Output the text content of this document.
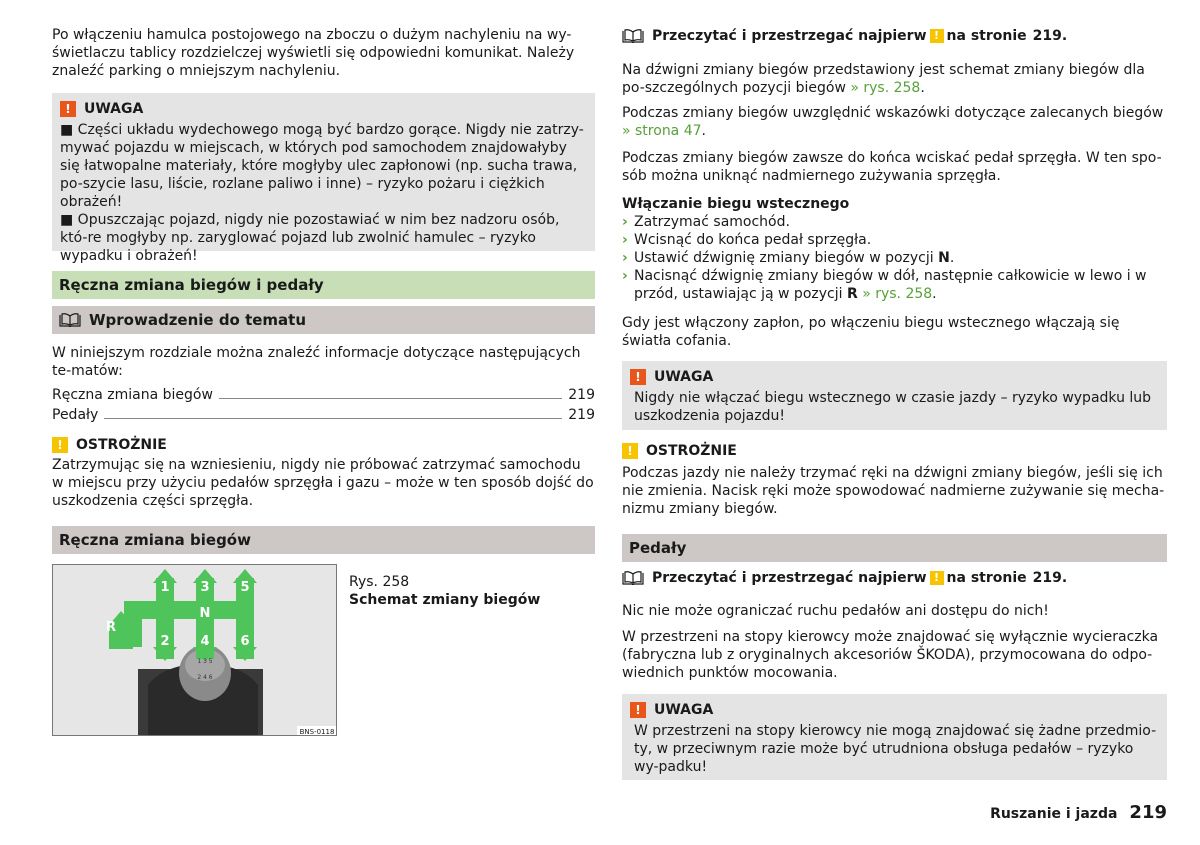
Po włączeniu hamulca postojowego na zboczu o dużym nachyleniu na wy-świetlaczu tablicy rozdzielczej wyświetli się odpowiedni komunikat. Należy znaleźć parking o mniejszym nachyleniu.

! UWAGA

■ Części układu wydechowego mogą być bardzo gorące. Nigdy nie zatrzy-mywać pojazdu w miejscach, w których pod samochodem znajdowałyby się łatwopalne materiały, które mogłyby ulec zapłonowi (np. sucha trawa, po-szycie lasu, liście, rozlane paliwo i inne) – ryzyko pożaru i ciężkich obrażeń!

■ Opuszczając pojazd, nigdy nie pozostawiać w nim bez nadzoru osób, któ-re mogłyby np. zaryglować pojazd lub zwolnić hamulec – ryzyko wypadku i obrażeń!

Ręczna zmiana biegów i pedały
Wprowadzenie do tematu

W niniejszym rozdziale można znaleźć informacje dotyczące następujących te-matów:

Ręczna zmiana biegów	219
Pedały	219
! OSTROŻNIE

Zatrzymując się na wzniesieniu, nigdy nie próbować zatrzymać samochodu w miejscu przy użyciu pedałów sprzęgła i gazu – może w ten sposób dojść do uszkodzenia części sprzęgła.

Ręczna zmiana biegów
1 3 5
N
R
2 4 6
1 3 5
2 4 6
BNS-0118

Rys. 258

Schemat zmiany biegów

Przeczytać i przestrzegać najpierw ! na stronie 219.

Na dźwigni zmiany biegów przedstawiony jest schemat zmiany biegów dla po-szczególnych pozycji biegów » rys. 258.

Podczas zmiany biegów uwzględnić wskazówki dotyczące zalecanych biegów » strona 47.

Podczas zmiany biegów zawsze do końca wciskać pedał sprzęgła. W ten spo-sób można uniknąć nadmiernego zużywania sprzęgła.

Włączanie biegu wstecznego

› Zatrzymać samochód.
› Wcisnąć do końca pedał sprzęgła.
› Ustawić dźwignię zmiany biegów w pozycji N.
› Nacisnąć dźwignię zmiany biegów w dół, następnie całkowicie w lewo i w przód, ustawiając ją w pozycji R » rys. 258.

Gdy jest włączony zapłon, po włączeniu biegu wstecznego włączają się światła cofania.

! UWAGA

Nigdy nie włączać biegu wstecznego w czasie jazdy – ryzyko wypadku lub uszkodzenia pojazdu!

! OSTROŻNIE

Podczas jazdy nie należy trzymać ręki na dźwigni zmiany biegów, jeśli się ich nie zmienia. Nacisk ręki może spowodować nadmierne zużywanie się mecha-nizmu zmiany biegów.

Pedały
Przeczytać i przestrzegać najpierw ! na stronie 219.

Nic nie może ograniczać ruchu pedałów ani dostępu do nich!

W przestrzeni na stopy kierowcy może znajdować się wyłącznie wycieraczka (fabryczna lub z oryginalnych akcesoriów ŠKODA), przymocowana do odpo-wiednich punktów mocowania.

! UWAGA

W przestrzeni na stopy kierowcy nie mogą znajdować się żadne przedmio-ty, w przeciwnym razie może być utrudniona obsługa pedałów – ryzyko wy-padku!

Ruszanie i jazda 219
